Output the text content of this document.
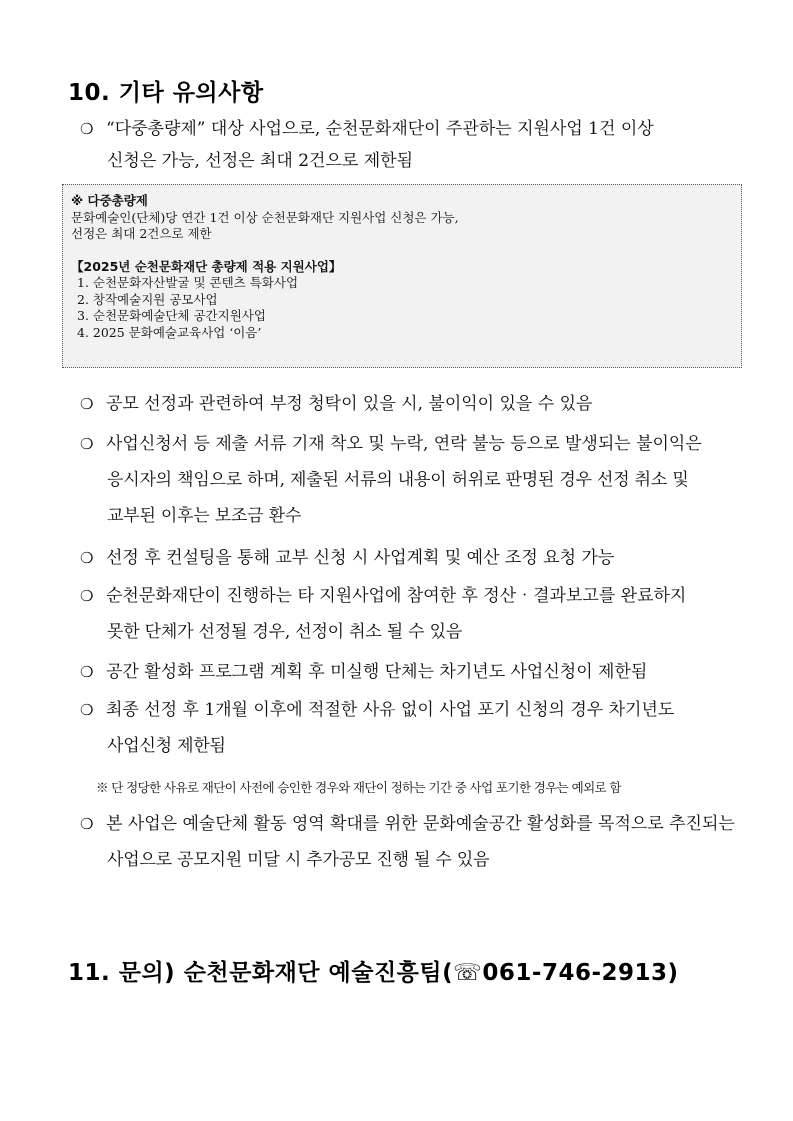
10. 기타 유의사항
❍ “다중총량제” 대상 사업으로, 순천문화재단이 주관하는 지원사업 1건 이상
신청은 가능, 선정은 최대 2건으로 제한됨
※ 다중총량제
문화예술인(단체)당 연간 1건 이상 순천문화재단 지원사업 신청은 가능,
선정은 최대 2건으로 제한
【2025년 순천문화재단 총량제 적용 지원사업】
1. 순천문화자산발굴 및 콘텐츠 특화사업
2. 창작예술지원 공모사업
3. 순천문화예술단체 공간지원사업
4. 2025 문화예술교육사업 ‘이음’
❍ 공모 선정과 관련하여 부정 청탁이 있을 시, 불이익이 있을 수 있음
❍ 사업신청서 등 제출 서류 기재 착오 및 누락, 연락 불능 등으로 발생되는 불이익은
응시자의 책임으로 하며, 제출된 서류의 내용이 허위로 판명된 경우 선정 취소 및
교부된 이후는 보조금 환수
❍ 선정 후 컨설팅을 통해 교부 신청 시 사업계획 및 예산 조정 요청 가능
❍ 순천문화재단이 진행하는 타 지원사업에 참여한 후 정산‧결과보고를 완료하지
못한 단체가 선정될 경우, 선정이 취소 될 수 있음
❍ 공간 활성화 프로그램 계획 후 미실행 단체는 차기년도 사업신청이 제한됨
❍ 최종 선정 후 1개월 이후에 적절한 사유 없이 사업 포기 신청의 경우 차기년도
사업신청 제한됨
※ 단 정당한 사유로 재단이 사전에 승인한 경우와 재단이 정하는 기간 중 사업 포기한 경우는 예외로 함
❍ 본 사업은 예술단체 활동 영역 확대를 위한 문화예술공간 활성화를 목적으로 추진되는
사업으로 공모지원 미달 시 추가공모 진행 될 수 있음
11. 문의) 순천문화재단 예술진흥팀(☏061-746-2913)
